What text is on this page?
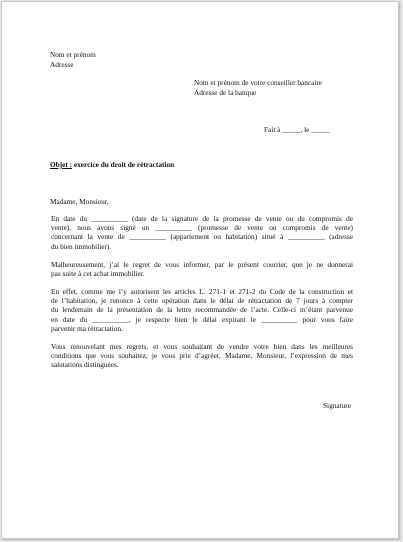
Nom et prénom
Adresse
Nom et prénom de votre conseiller bancaire
Adresse de la banque
Fait à _____, le _____
Objet : exercice du droit de rétractation
Madame, Monsieur,
En date du __________ (date de la signature de la promesse de vente ou du compromis de
vente), nous avons signé un __________ (promesse de vente ou compromis de vente)
concernant la vente de __________ (appartement ou habitation) situé à __________ (adresse
du bien immobilier).
Malheureusement, j’ai le regret de vous informer, par le présent courrier, que je ne donnerai
pas suite à cet achat immobilier.
En effet, comme me l’y autorisent les articles L. 271-1 et 271-2 du Code de la construction et
de l’habitation, je renonce à cette opération dans le délai de rétractation de 7 jours à compter
du lendemain de la présentation de la lettre recommandée de l’acte. Celle-ci m’étant parvenue
en date du __________, je respecte bien le délai expirant le __________ pour vous faire
parvenir ma rétractation.
Vous renouvelant mes regrets, et vous souhaitant de vendre votre bien dans les meilleures
conditions que vous souhaitez, je vous prie d’agréer, Madame, Monsieur, l’expression de mes
salutations distinguées.
Signature
